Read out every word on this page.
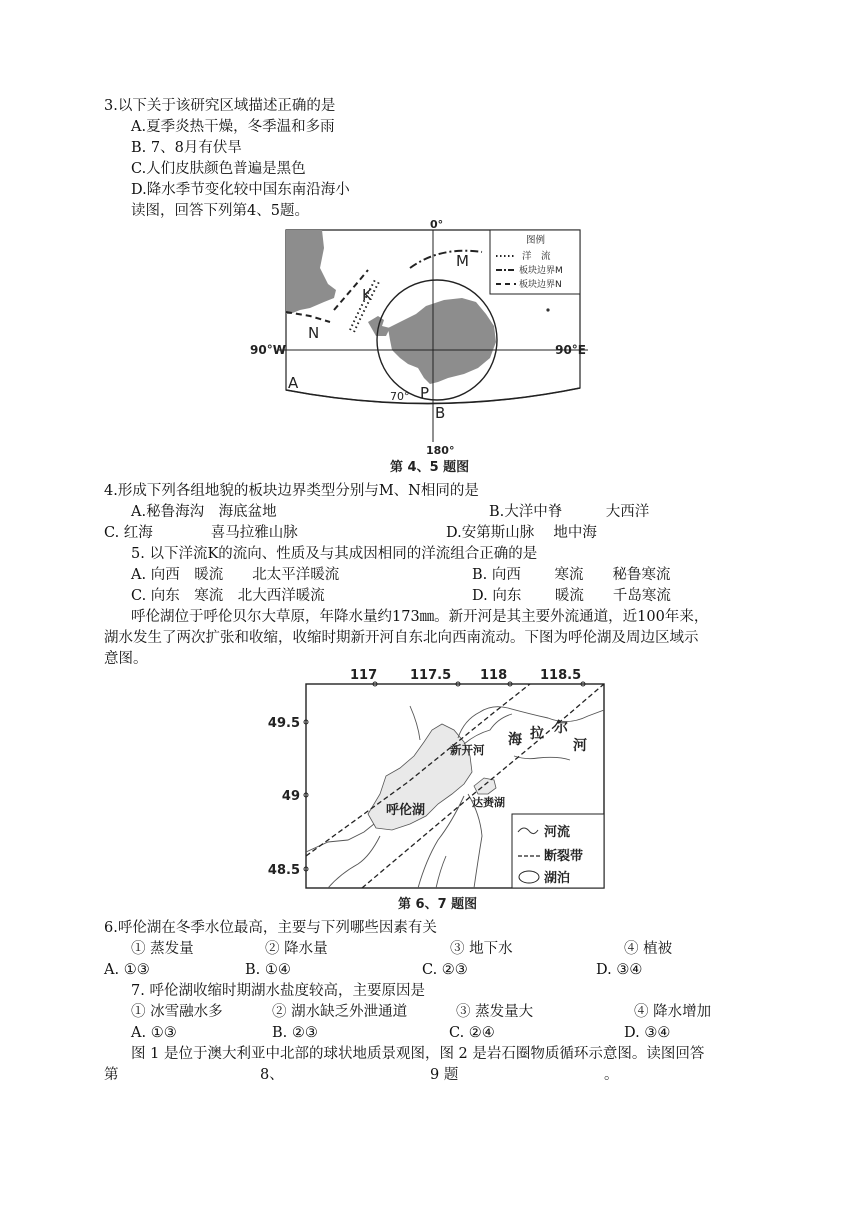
3.以下关于该研究区域描述正确的是
A.夏季炎热干燥，冬季温和多雨
B. 7、8月有伏旱
C.人们皮肤颜色普遍是黑色
D.降水季节变化较中国东南沿海小
读图，回答下列第4、5题。
图例
洋　流
板块边界M
板块边界N
0°
90°W	90°E
180°
70°
M
K
N
A
P
B
第 4、5 题图
4.形成下列各组地貌的板块边界类型分别与M、N相同的是
A.秘鲁海沟　海底盆地	B.大洋中脊　　　大西洋
C. 红海　　　　喜马拉雅山脉	D.安第斯山脉　 地中海
5. 以下洋流K的流向、性质及与其成因相同的洋流组合正确的是
A. 向西　暖流　　北太平洋暖流	B. 向西　　 寒流　　秘鲁寒流
C. 向东　寒流　北大西洋暖流	D. 向东　　 暖流　　千岛寒流
呼伦湖位于呼伦贝尔大草原，年降水量约173㎜。新开河是其主要外流通道，近100年来，
湖水发生了两次扩张和收缩，收缩时期新开河自东北向西南流动。下图为呼伦湖及周边区域示
意图。
117	117.5 118	118.5
49.5
49
48.5
呼伦湖
新开河
达赉湖
海 拉 尔
河
河流
断裂带
湖泊
第 6、7 题图
6.呼伦湖在冬季水位最高，主要与下列哪些因素有关
① 蒸发量	② 降水量	③ 地下水	④ 植被
A. ①③	B. ①④	C. ②③	D. ③④
7. 呼伦湖收缩时期湖水盐度较高，主要原因是
① 冰雪融水多	② 湖水缺乏外泄通道	③ 蒸发量大	④ 降水增加
A. ①③	B. ②③	C. ②④	D. ③④
图 1 是位于澳大利亚中北部的球状地质景观图，图 2 是岩石圈物质循环示意图。读图回答
第	8、	9 题	。
